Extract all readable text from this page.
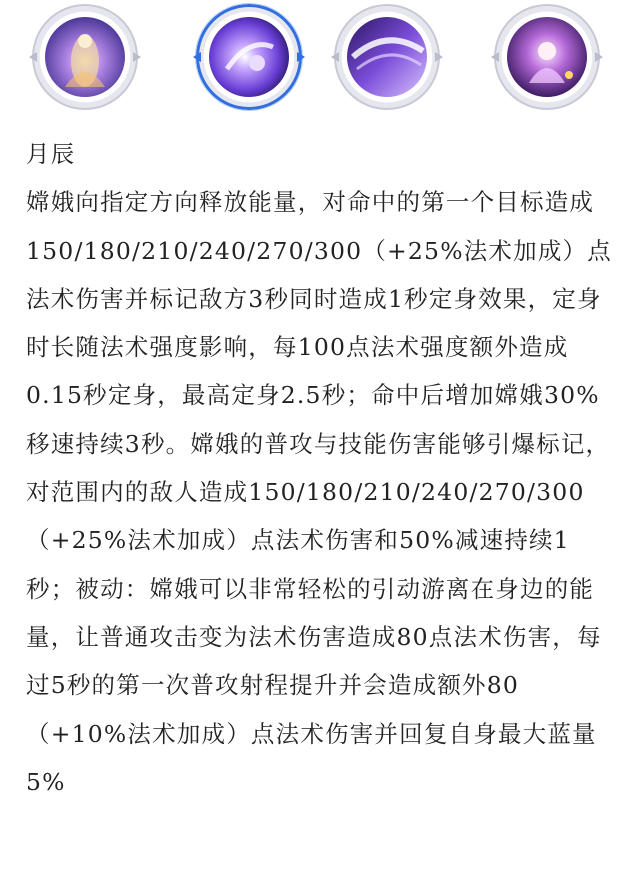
月辰
嫦娥向指定方向释放能量，对命中的第一个目标造成150/180/210/240/270/300（+25%法术加成）点法术伤害并标记敌方3秒同时造成1秒定身效果，定身时长随法术强度影响，每100点法术强度额外造成0.15秒定身，最高定身2.5秒；命中后增加嫦娥30%移速持续3秒。嫦娥的普攻与技能伤害能够引爆标记，对范围内的敌人造成150/180/210/240/270/300（+25%法术加成）点法术伤害和50%减速持续1秒；被动：嫦娥可以非常轻松的引动游离在身边的能量，让普通攻击变为法术伤害造成80点法术伤害，每过5秒的第一次普攻射程提升并会造成额外80（+10%法术加成）点法术伤害并回复自身最大蓝量5%
